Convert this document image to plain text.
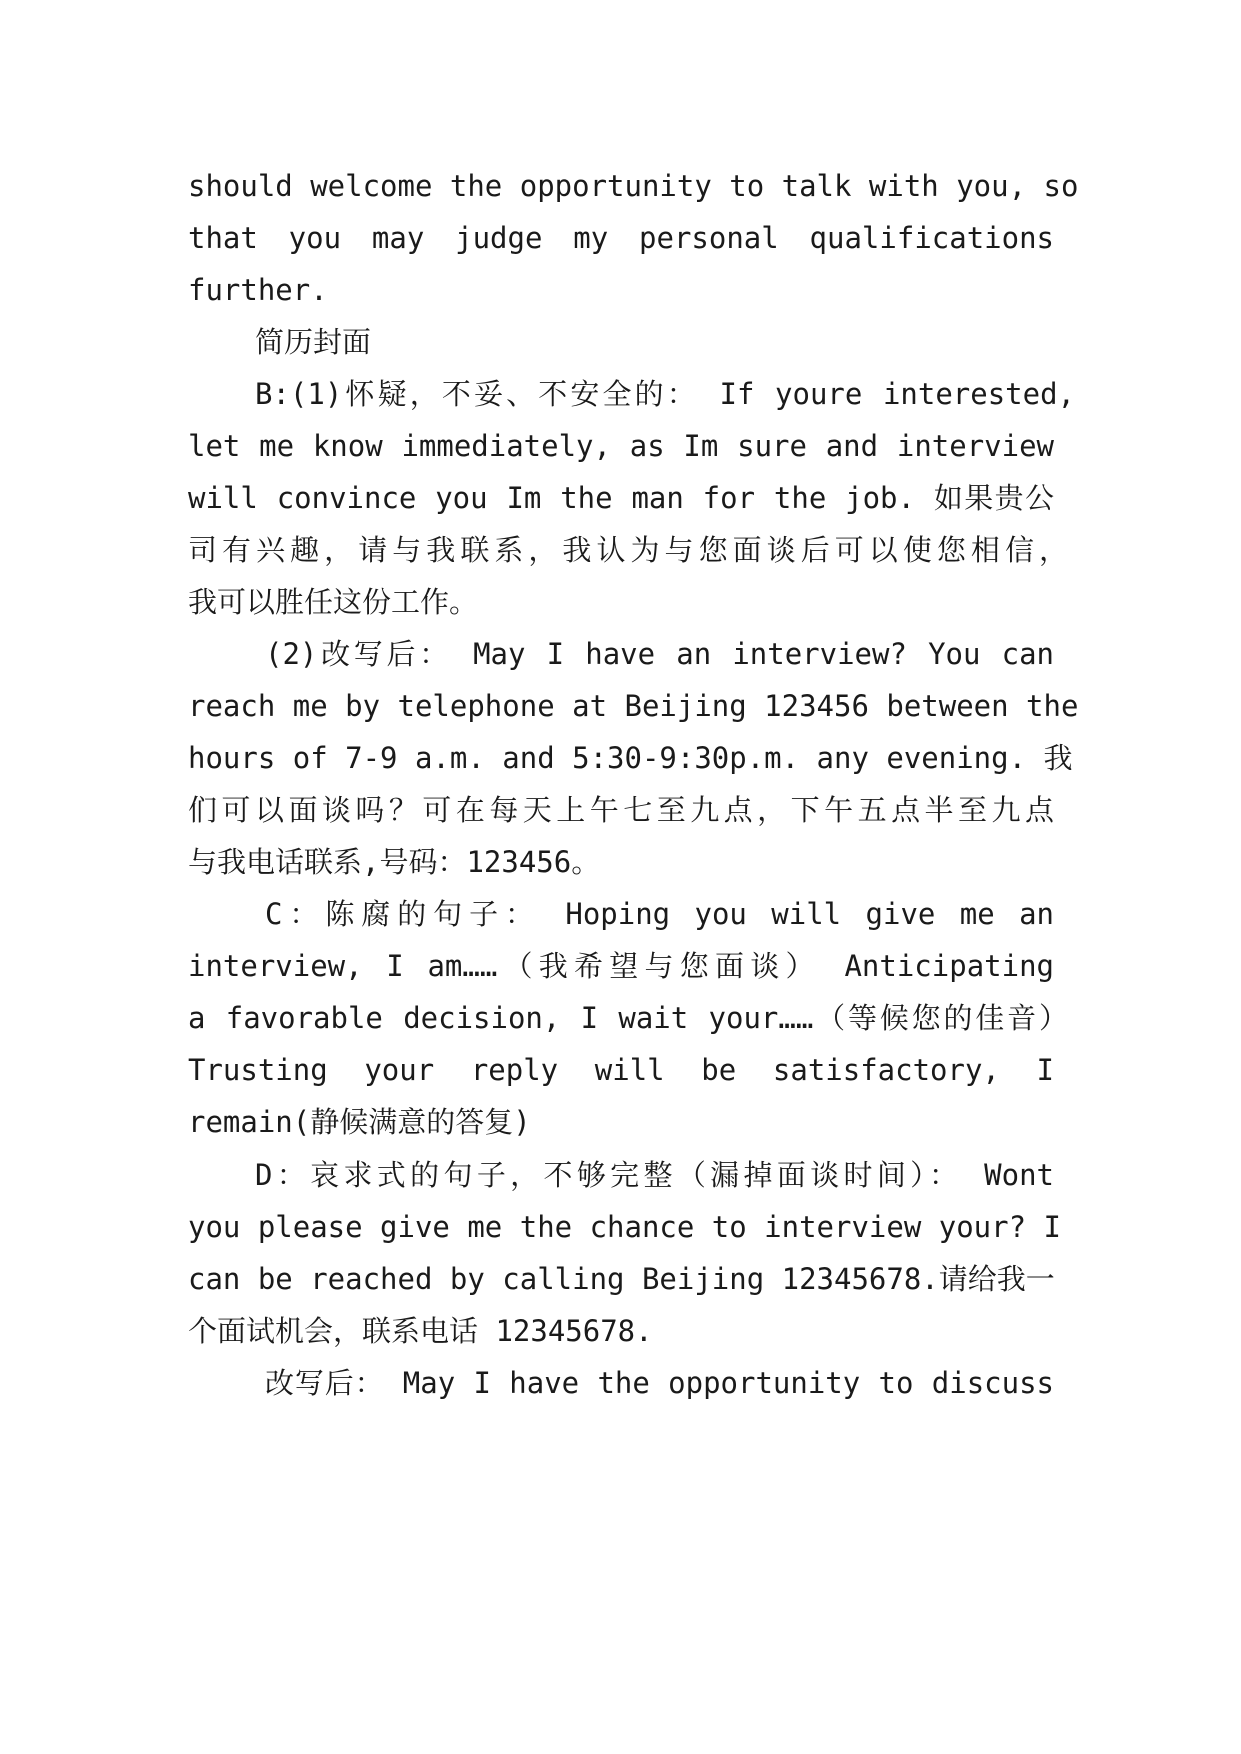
should welcome the opportunity to talk with you, so
that you may judge my personal qualifications
further.
简历封面
B:(1)怀疑，不妥、不安全的： If youre interested,
let me know immediately, as Im sure and interview
will convince you Im the man for the job. 如果贵公
司有兴趣，请与我联系，我认为与您面谈后可以使您相信，
我可以胜任这份工作。
(2)改写后： May I have an interview? You can
reach me by telephone at Beijing 123456 between the
hours of 7-9 a.m. and 5:30-9:30p.m. any evening. 我
们可以面谈吗？可在每天上午七至九点，下午五点半至九点
与我电话联系,号码：123456。
C：陈腐的句子： Hoping you will give me an
interview, I am……（我希望与您面谈） Anticipating
a favorable decision, I wait your……（等候您的佳音）
Trusting your reply will be satisfactory, I
remain(静候满意的答复)
D：哀求式的句子，不够完整（漏掉面谈时间）： Wont
you please give me the chance to interview your? I
can be reached by calling Beijing 12345678.请给我一
个面试机会，联系电话 12345678.
改写后： May I have the opportunity to discuss
